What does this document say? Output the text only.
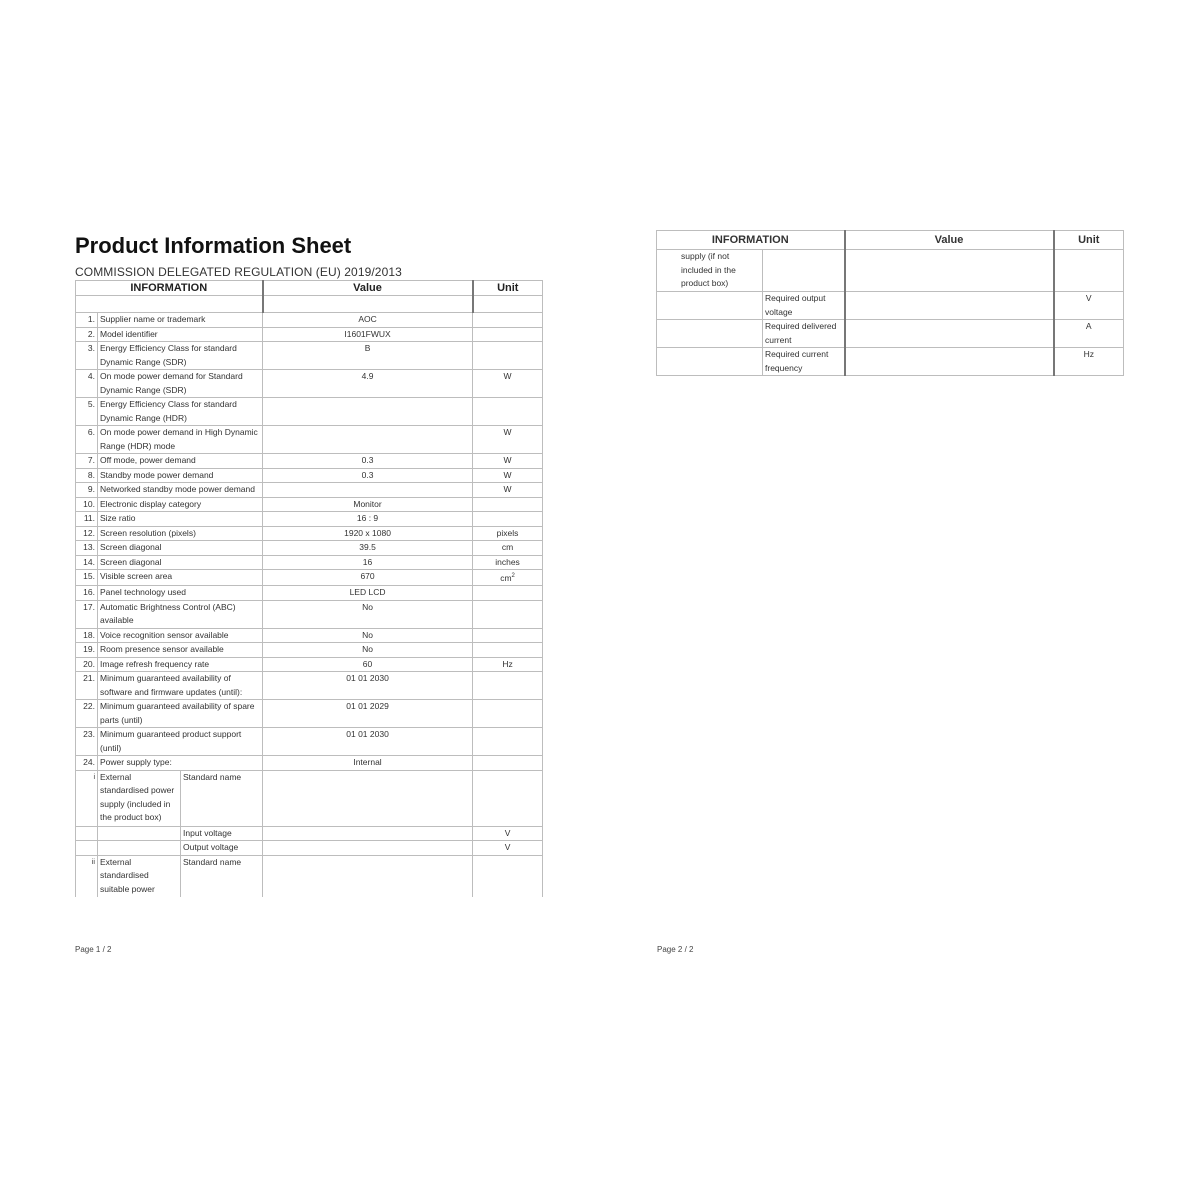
Product Information Sheet
COMMISSION DELEGATED REGULATION (EU) 2019/2013
INFORMATION			Value	Unit

1.	Supplier name or trademark		AOC	
2.	Model identifier		I1601FWUX	
3.	Energy Efficiency Class for standard Dynamic Range (SDR)		B	
4.	On mode power demand for Standard Dynamic Range (SDR)		4.9	W
5.	Energy Efficiency Class for standard Dynamic Range (HDR)			
6.	On mode power demand in High Dynamic Range (HDR) mode			W
7.	Off mode, power demand		0.3	W
8.	Standby mode power demand		0.3	W
9.	Networked standby mode power demand			W
10.	Electronic display category		Monitor	
11.	Size ratio		16 : 9	
12.	Screen resolution (pixels)		1920 x 1080	pixels
13.	Screen diagonal		39.5	cm
14.	Screen diagonal		16	inches
15.	Visible screen area		670	$cm^2$
16.	Panel technology used		LED LCD	
17.	Automatic Brightness Control (ABC) available		No	
18.	Voice recognition sensor available		No	
19.	Room presence sensor available		No	
20.	Image refresh frequency rate		60	Hz
21.	Minimum guaranteed availability of software and firmware updates (until):		01 01 2030	
22.	Minimum guaranteed availability of spare parts (until)		01 01 2029	
23.	Minimum guaranteed product support (until)		01 01 2030	
24.	Power supply type:		Internal	
i	External standardised power supply (included in the product box)	Standard name		
		Input voltage		V
		Output voltage		V
ii	External standardised suitable power	Standard name		
Page 1 / 2
INFORMATION		Value	Unit
supply (if not included in the product box)			
	Required output voltage		V
	Required delivered current		A
	Required current frequency		Hz
Page 2 / 2
